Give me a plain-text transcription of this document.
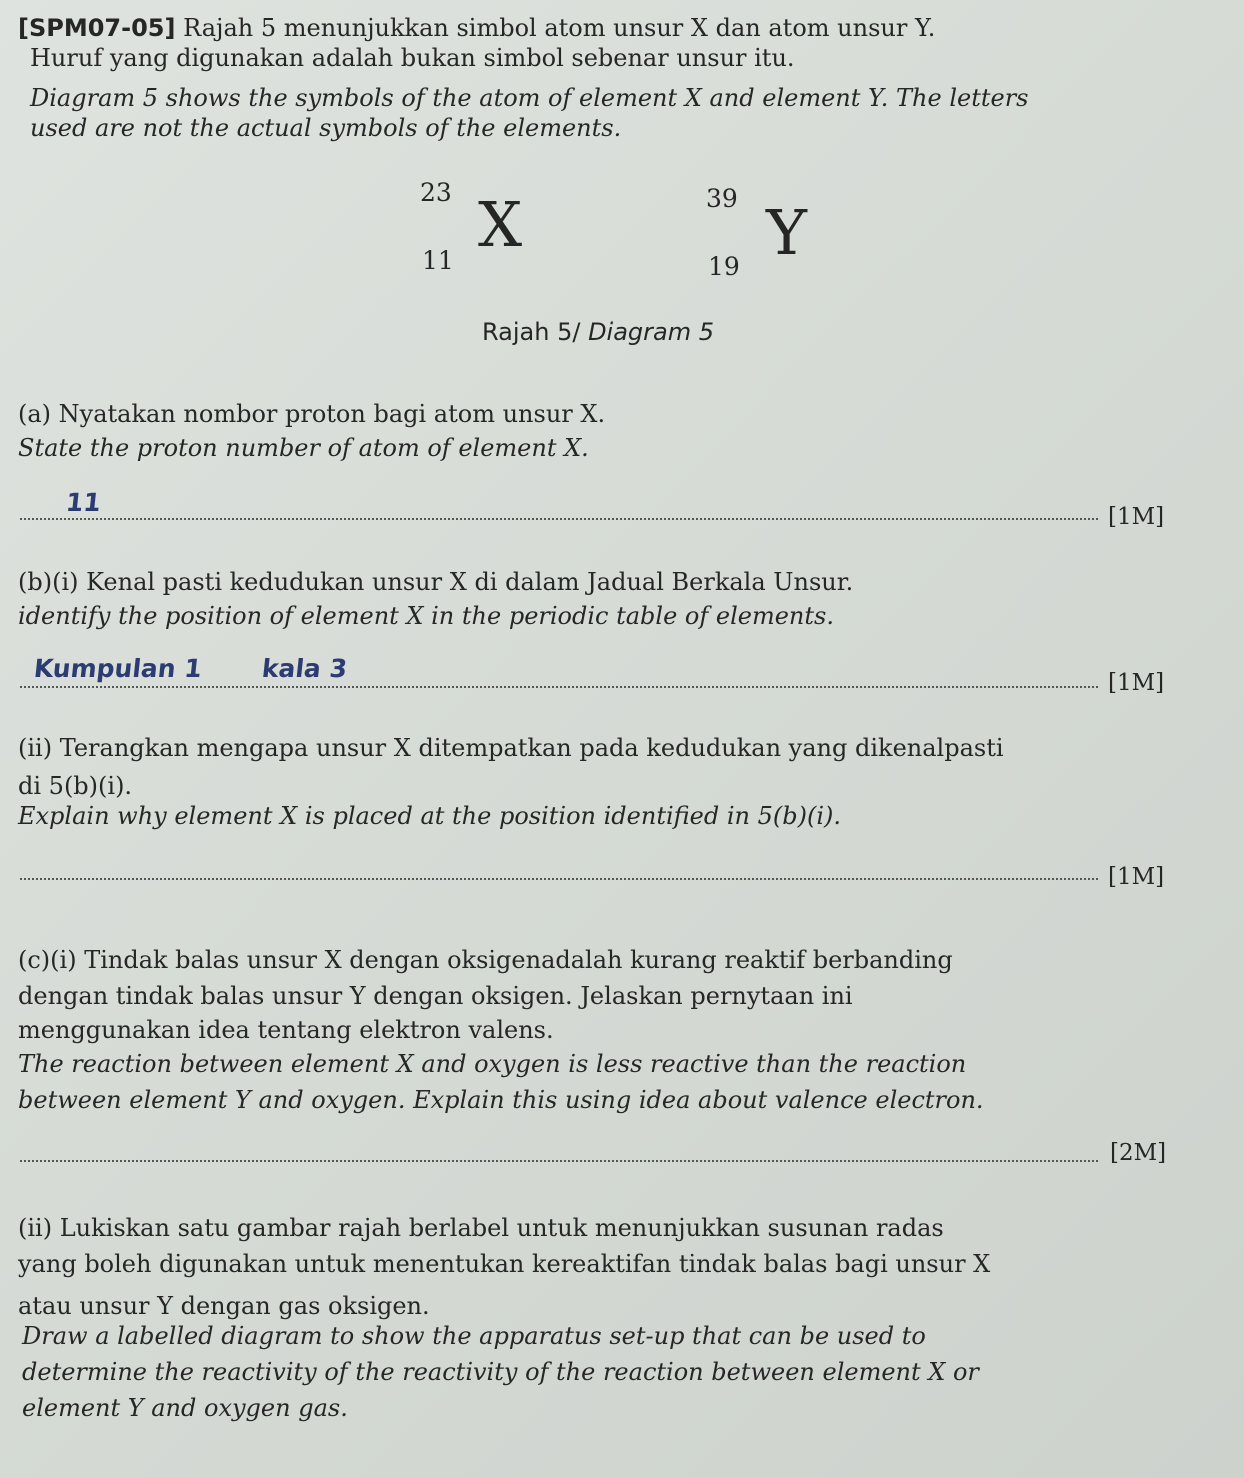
[SPM07-05] Rajah 5 menunjukkan simbol atom unsur X dan atom unsur Y.
Huruf yang digunakan adalah bukan simbol sebenar unsur itu.
Diagram 5 shows the symbols of the atom of element X and element Y. The letters
used are not the actual symbols of the elements.
23
11 X	39
19 Y
Rajah 5/ Diagram 5
(a) Nyatakan nombor proton bagi atom unsur X.
State the proton number of atom of element X.
11	[1M]
(b)(i) Kenal pasti kedudukan unsur X di dalam Jadual Berkala Unsur.
identify the position of element X in the periodic table of elements.
Kumpulan 1 kala 3	[1M]
(ii) Terangkan mengapa unsur X ditempatkan pada kedudukan yang dikenalpasti
di 5(b)(i).
Explain why element X is placed at the position identified in 5(b)(i).
[1M]
(c)(i) Tindak balas unsur X dengan oksigenadalah kurang reaktif berbanding
dengan tindak balas unsur Y dengan oksigen. Jelaskan pernytaan ini
menggunakan idea tentang elektron valens.
The reaction between element X and oxygen is less reactive than the reaction
between element Y and oxygen. Explain this using idea about valence electron.
[2M]
(ii) Lukiskan satu gambar rajah berlabel untuk menunjukkan susunan radas
yang boleh digunakan untuk menentukan kereaktifan tindak balas bagi unsur X
atau unsur Y dengan gas oksigen.
Draw a labelled diagram to show the apparatus set-up that can be used to
determine the reactivity of the reactivity of the reaction between element X or
element Y and oxygen gas.
